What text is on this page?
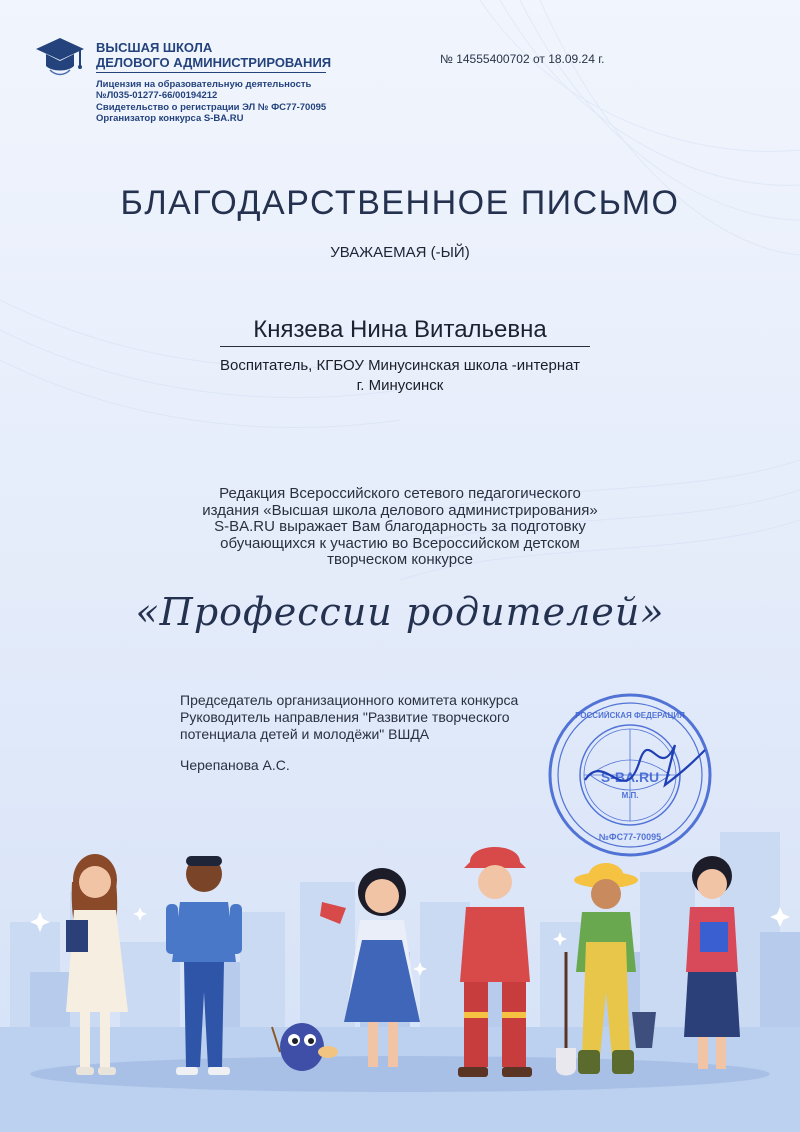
ВЫСШАЯ ШКОЛА
ДЕЛОВОГО АДМИНИСТРИРОВАНИЯ
Лицензия на образовательную деятельность
№Л035-01277-66/00194212
Свидетельство о регистрации ЭЛ № ФС77-70095
Организатор конкурса S-BA.RU
№ 14555400702 от 18.09.24 г.
БЛАГОДАРСТВЕННОЕ ПИСЬМО
УВАЖАЕМАЯ (-ЫЙ)
Князева Нина Витальевна
Воспитатель, КГБОУ Минусинская школа -интернат
г. Минусинск
Редакция Всероссийского сетевого педагогического
издания «Высшая школа делового администрирования»
S-BA.RU выражает Вам благодарность за подготовку
обучающихся к участию во Всероссийском детском
творческом конкурсе
«Профессии родителей»
Председатель организационного комитета конкурса
Руководитель направления "Развитие творческого
потенциала детей и молодёжи" ВШДА
Черепанова А.С.
РОССИЙСКАЯ ФЕДЕРАЦИЯ
S-BA.RU
М.П.
№ФС77-70095
